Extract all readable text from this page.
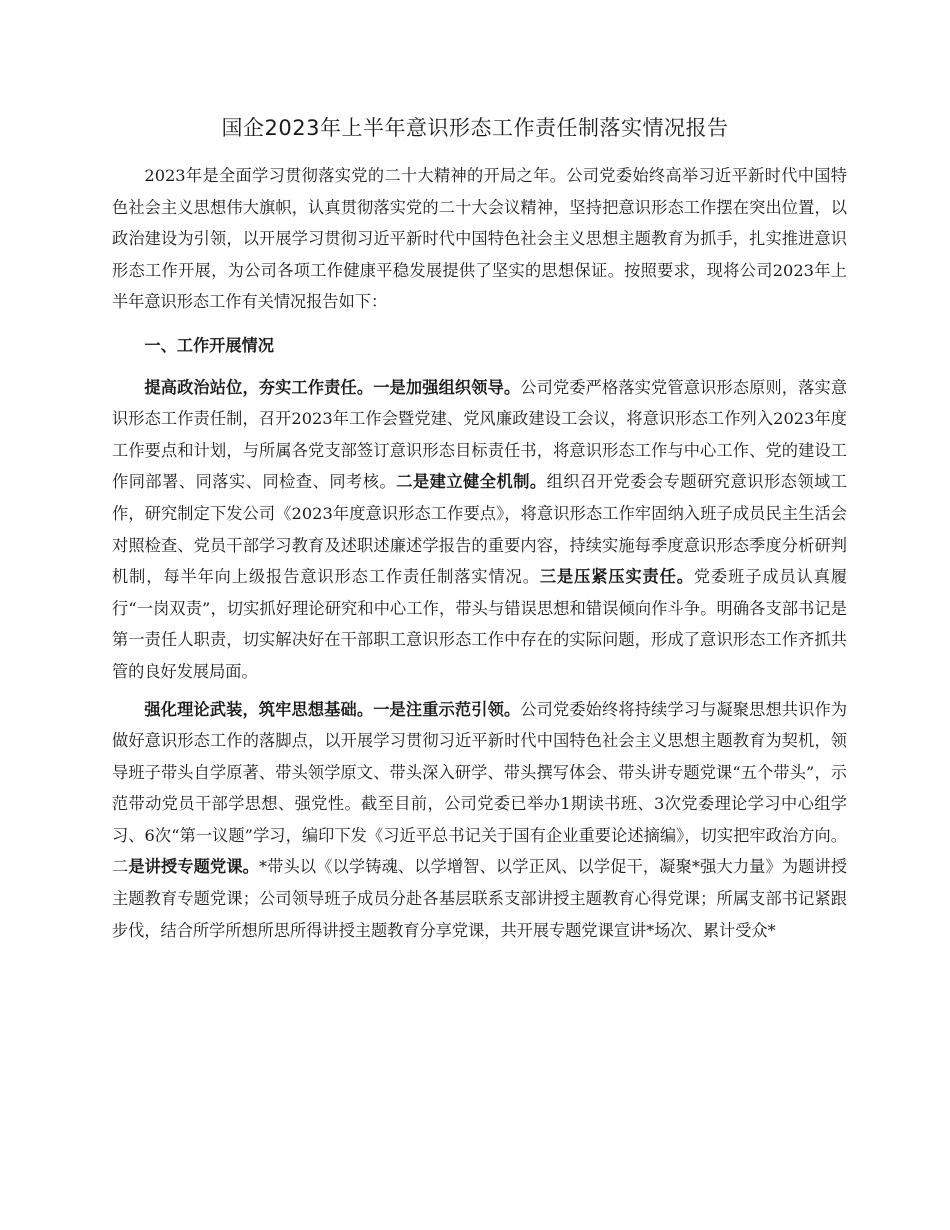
国企2023年上半年意识形态工作责任制落实情况报告

2023年是全面学习贯彻落实党的二十大精神的开局之年。公司党委始终高举习近平新时代中国特色社会主义思想伟大旗帜，认真贯彻落实党的二十大会议精神，坚持把意识形态工作摆在突出位置，以政治建设为引领，以开展学习贯彻习近平新时代中国特色社会主义思想主题教育为抓手，扎实推进意识形态工作开展，为公司各项工作健康平稳发展提供了坚实的思想保证。按照要求，现将公司2023年上半年意识形态工作有关情况报告如下：

一、工作开展情况

提高政治站位，夯实工作责任。一是加强组织领导。公司党委严格落实党管意识形态原则，落实意识形态工作责任制，召开2023年工作会暨党建、党风廉政建设工会议，将意识形态工作列入2023年度工作要点和计划，与所属各党支部签订意识形态目标责任书，将意识形态工作与中心工作、党的建设工作同部署、同落实、同检查、同考核。二是建立健全机制。组织召开党委会专题研究意识形态领域工作，研究制定下发公司《2023年度意识形态工作要点》，将意识形态工作牢固纳入班子成员民主生活会对照检查、党员干部学习教育及述职述廉述学报告的重要内容，持续实施每季度意识形态季度分析研判机制，每半年向上级报告意识形态工作责任制落实情况。三是压紧压实责任。党委班子成员认真履行“一岗双责”，切实抓好理论研究和中心工作，带头与错误思想和错误倾向作斗争。明确各支部书记是第一责任人职责，切实解决好在干部职工意识形态工作中存在的实际问题，形成了意识形态工作齐抓共管的良好发展局面。

强化理论武装，筑牢思想基础。一是注重示范引领。公司党委始终将持续学习与凝聚思想共识作为做好意识形态工作的落脚点，以开展学习贯彻习近平新时代中国特色社会主义思想主题教育为契机，领导班子带头自学原著、带头领学原文、带头深入研学、带头撰写体会、带头讲专题党课“五个带头”，示范带动党员干部学思想、强党性。截至目前，公司党委已举办1期读书班、3次党委理论学习中心组学习、6次“第一议题”学习，编印下发《习近平总书记关于国有企业重要论述摘编》，切实把牢政治方向。二是讲授专题党课。*带头以《以学铸魂、以学增智、以学正风、以学促干，凝聚*强大力量》为题讲授主题教育专题党课；公司领导班子成员分赴各基层联系支部讲授主题教育心得党课；所属支部书记紧跟步伐，结合所学所想所思所得讲授主题教育分享党课，共开展专题党课宣讲*场次、累计受众*
